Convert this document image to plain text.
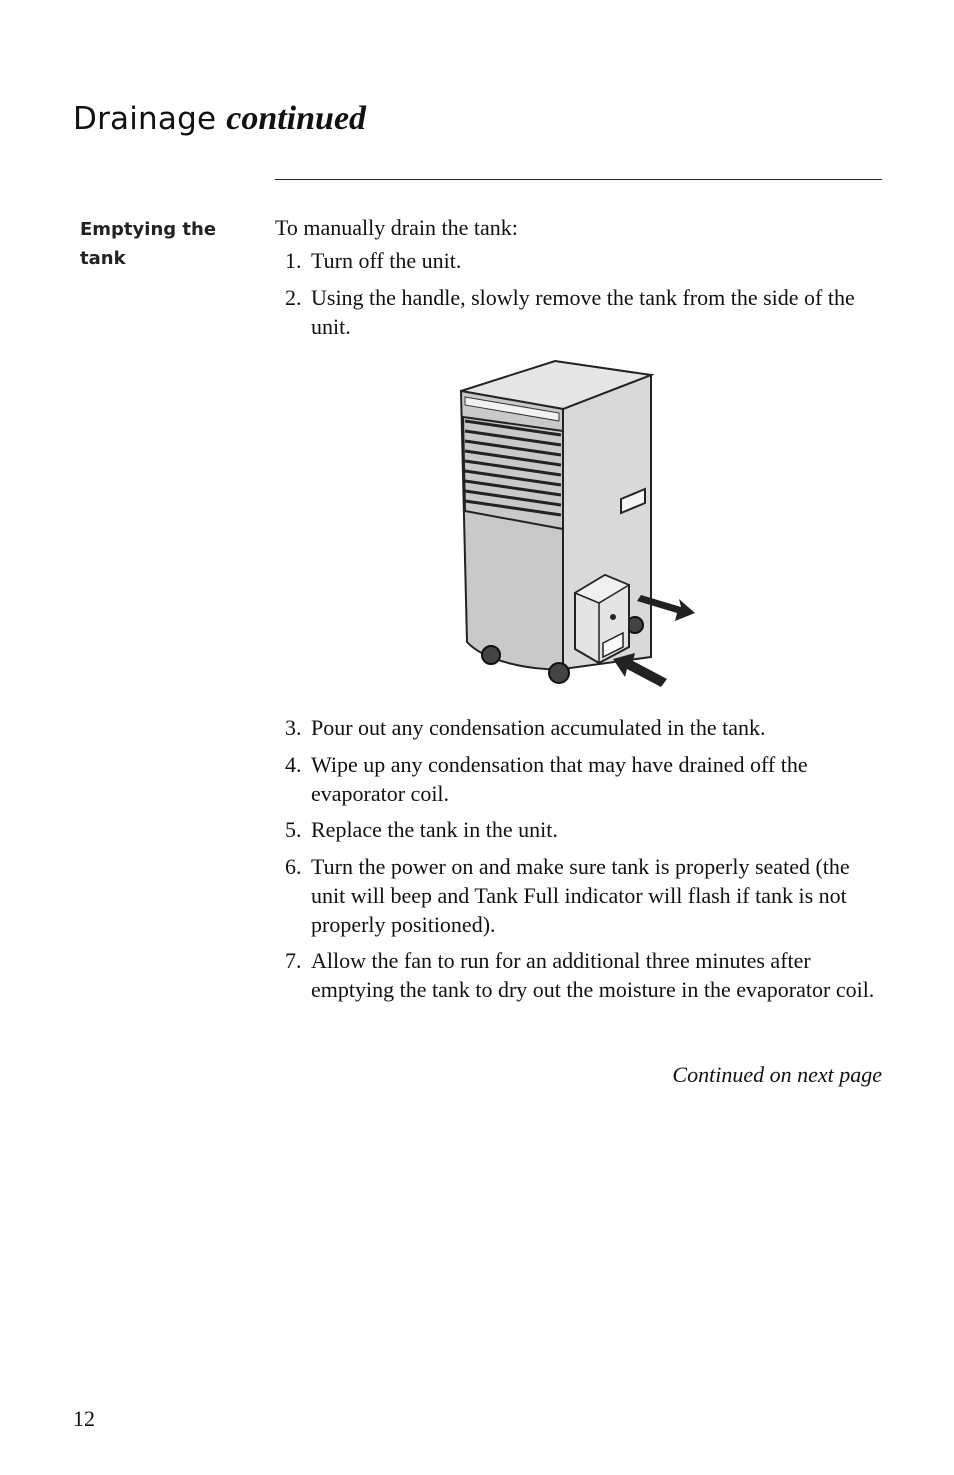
Drainage continued
Emptying the tank
To manually drain the tank:
1. Turn off the unit.
2. Using the handle, slowly remove the tank from the side of the unit.
3. Pour out any condensation accumulated in the tank.
4. Wipe up any condensation that may have drained off the evaporator coil.
5. Replace the tank in the unit.
6. Turn the power on and make sure tank is properly seated (the unit will beep and Tank Full indicator will flash if tank is not properly positioned).
7. Allow the fan to run for an additional three minutes after emptying the tank to dry out the moisture in the evaporator coil.
Continued on next page
12
